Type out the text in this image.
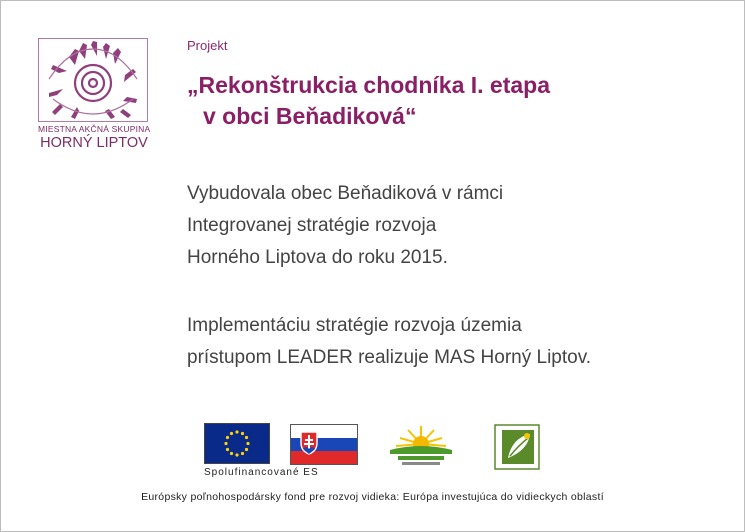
MIESTNA AKČNÁ SKUPINA
HORNÝ LIPTOV
Projekt
„Rekonštrukcia chodníka I. etapa
v obci Beňadiková“
Vybudovala obec Beňadiková v rámci
Integrovanej stratégie rozvoja
Horného Liptova do roku 2015.
Implementáciu stratégie rozvoja územia
prístupom LEADER realizuje MAS Horný Liptov.
Spolufinancované ES
Európsky poľnohospodársky fond pre rozvoj vidieka: Európa investujúca do vidieckych oblastí
